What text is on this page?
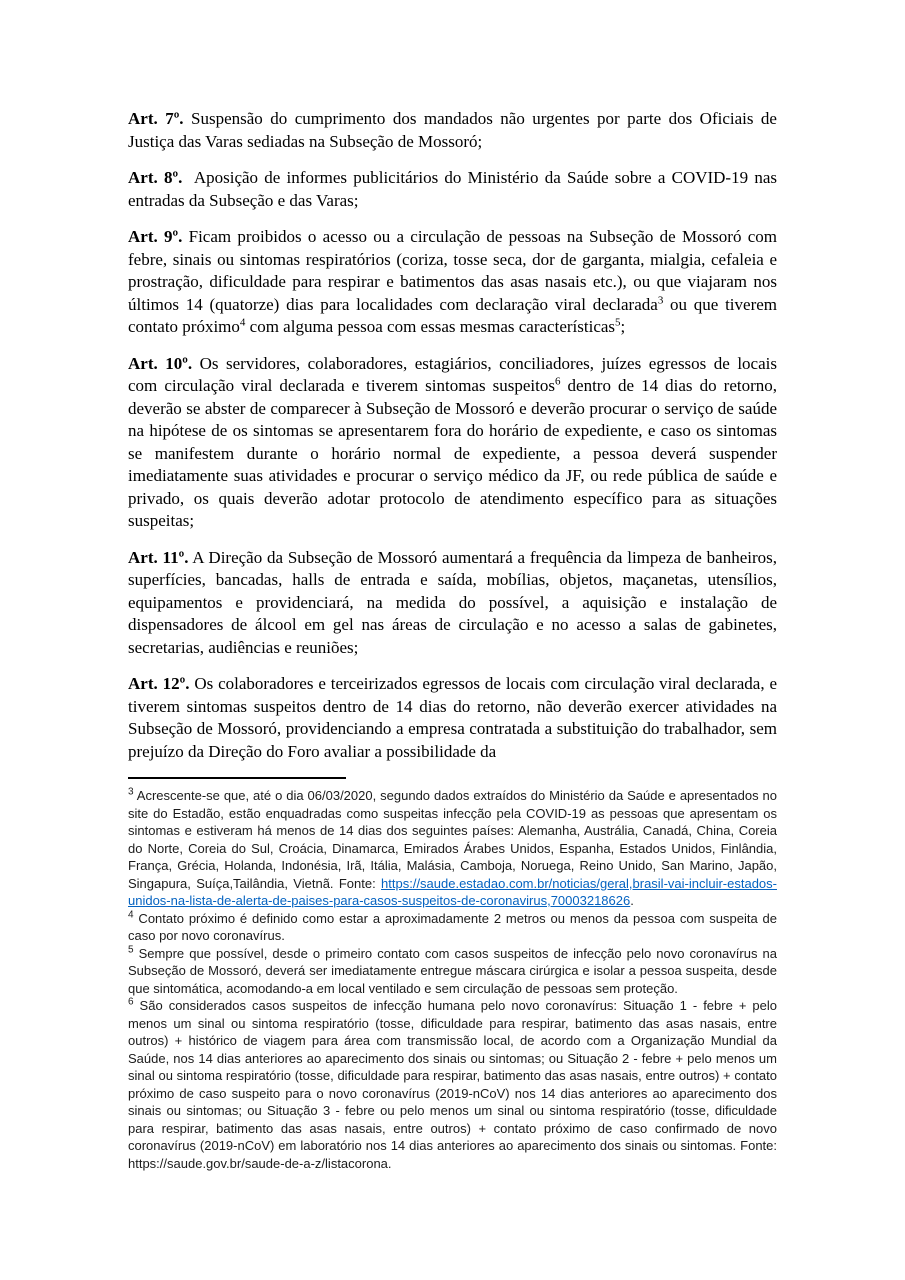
Art. 7º. Suspensão do cumprimento dos mandados não urgentes por parte dos Oficiais de Justiça das Varas sediadas na Subseção de Mossoró;

Art. 8º.  Aposição de informes publicitários do Ministério da Saúde sobre a COVID-19 nas entradas da Subseção e das Varas;

Art. 9º. Ficam proibidos o acesso ou a circulação de pessoas na Subseção de Mossoró com febre, sinais ou sintomas respiratórios (coriza, tosse seca, dor de garganta, mialgia, cefaleia e prostração, dificuldade para respirar e batimentos das asas nasais etc.), ou que viajaram nos últimos 14 (quatorze) dias para localidades com declaração viral declarada$^3$ ou que tiverem contato próximo$^4$ com alguma pessoa com essas mesmas características$^5$;

Art. 10º. Os servidores, colaboradores, estagiários, conciliadores, juízes egressos de locais com circulação viral declarada e tiverem sintomas suspeitos$^6$ dentro de 14 dias do retorno, deverão se abster de comparecer à Subseção de Mossoró e deverão procurar o serviço de saúde na hipótese de os sintomas se apresentarem fora do horário de expediente, e caso os sintomas se manifestem durante o horário normal de expediente, a pessoa deverá suspender imediatamente suas atividades e procurar o serviço médico da JF, ou rede pública de saúde e privado, os quais deverão adotar protocolo de atendimento específico para as situações suspeitas;

Art. 11º. A Direção da Subseção de Mossoró aumentará a frequência da limpeza de banheiros, superfícies, bancadas, halls de entrada e saída, mobílias, objetos, maçanetas, utensílios, equipamentos e providenciará, na medida do possível, a aquisição e instalação de dispensadores de álcool em gel nas áreas de circulação e no acesso a salas de gabinetes, secretarias, audiências e reuniões;

Art. 12º. Os colaboradores e terceirizados egressos de locais com circulação viral declarada, e tiverem sintomas suspeitos dentro de 14 dias do retorno, não deverão exercer atividades na Subseção de Mossoró, providenciando a empresa contratada a substituição do trabalhador, sem prejuízo da Direção do Foro avaliar a possibilidade da

$^3$ Acrescente-se que, até o dia 06/03/2020, segundo dados extraídos do Ministério da Saúde e apresentados no site do Estadão, estão enquadradas como suspeitas infecção pela COVID-19 as pessoas que apresentam os sintomas e estiveram há menos de 14 dias dos seguintes países: Alemanha, Austrália, Canadá, China, Coreia do Norte, Coreia do Sul, Croácia, Dinamarca, Emirados Árabes Unidos, Espanha, Estados Unidos, Finlândia, França, Grécia, Holanda, Indonésia, Irã, Itália, Malásia, Camboja, Noruega, Reino Unido, San Marino, Japão, Singapura, Suíça,Tailândia, Vietnã. Fonte: https://saude.estadao.com.br/noticias/geral,brasil-vai-incluir-estados-unidos-na-lista-de-alerta-de-paises-para-casos-suspeitos-de-coronavirus,70003218626.
$^4$ Contato próximo é definido como estar a aproximadamente 2 metros ou menos da pessoa com suspeita de caso por novo coronavírus.
$^5$ Sempre que possível, desde o primeiro contato com casos suspeitos de infecção pelo novo coronavírus na Subseção de Mossoró, deverá ser imediatamente entregue máscara cirúrgica e isolar a pessoa suspeita, desde que sintomática, acomodando-a em local ventilado e sem circulação de pessoas sem proteção.
$^6$ São considerados casos suspeitos de infecção humana pelo novo coronavírus: Situação 1 - febre + pelo menos um sinal ou sintoma respiratório (tosse, dificuldade para respirar, batimento das asas nasais, entre outros) + histórico de viagem para área com transmissão local, de acordo com a Organização Mundial da Saúde, nos 14 dias anteriores ao aparecimento dos sinais ou sintomas; ou Situação 2 - febre + pelo menos um sinal ou sintoma respiratório (tosse, dificuldade para respirar, batimento das asas nasais, entre outros) + contato próximo de caso suspeito para o novo coronavírus (2019-nCoV) nos 14 dias anteriores ao aparecimento dos sinais ou sintomas; ou Situação 3 - febre ou pelo menos um sinal ou sintoma respiratório (tosse, dificuldade para respirar, batimento das asas nasais, entre outros) + contato próximo de caso confirmado de novo coronavírus (2019-nCoV) em laboratório nos 14 dias anteriores ao aparecimento dos sinais ou sintomas. Fonte: https://saude.gov.br/saude-de-a-z/listacorona.
